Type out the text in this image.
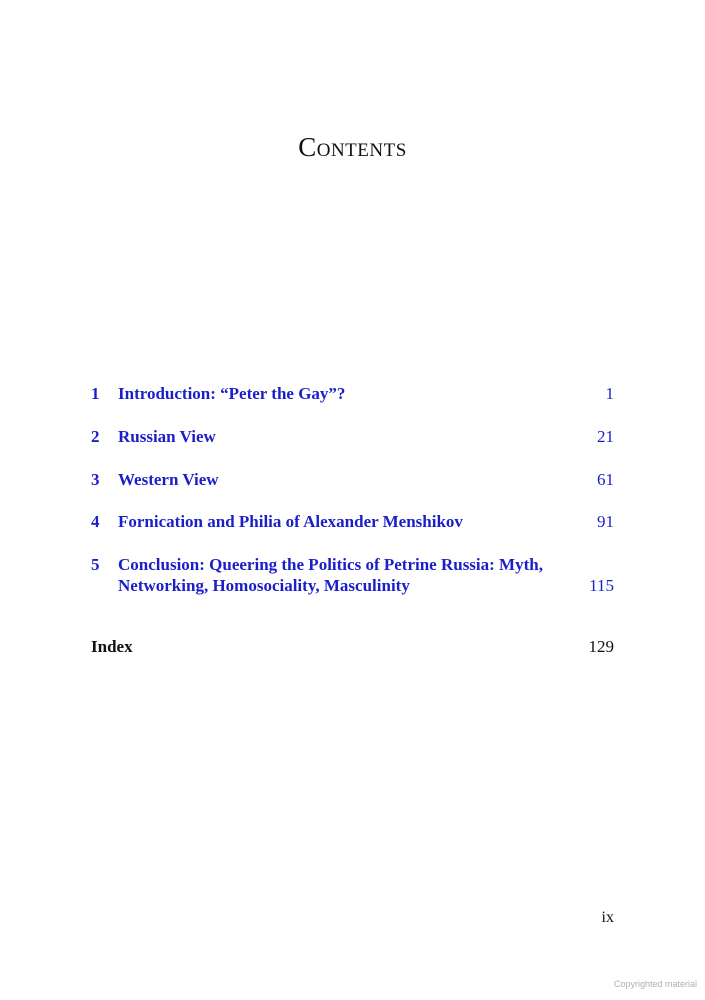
Contents
1 Introduction: “Peter the Gay”?	1
2 Russian View	21
3 Western View	61
4 Fornication and Philia of Alexander Menshikov	91
5 Conclusion: Queering the Politics of Petrine Russia: Myth,
Networking, Homosociality, Masculinity	115
Index	129
ix
Copyrighted material
